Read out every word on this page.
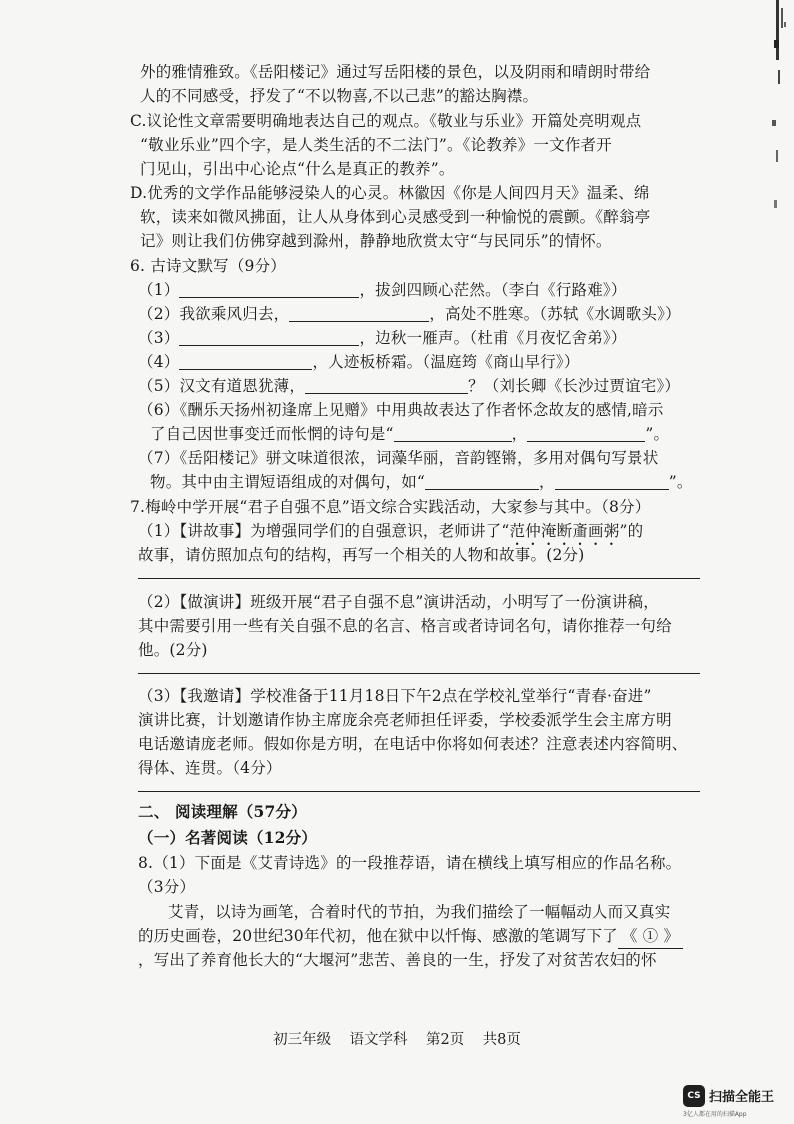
外的雅情雅致。《岳阳楼记》通过写岳阳楼的景色，以及阴雨和晴朗时带给
人的不同感受，抒发了“不以物喜,不以己悲”的豁达胸襟。
C.议论性文章需要明确地表达自己的观点。《敬业与乐业》开篇处亮明观点
“敬业乐业”四个字，是人类生活的不二法门”。《论教养》一文作者开
门见山，引出中心论点“什么是真正的教养”。
D.优秀的文学作品能够浸染人的心灵。林徽因《你是人间四月天》温柔、绵
软，读来如微风拂面，让人从身体到心灵感受到一种愉悦的震颤。《醉翁亭
记》则让我们仿佛穿越到滁州，静静地欣赏太守“与民同乐”的情怀。
6. 古诗文默写（9分）
（1）	，拔剑四顾心茫然。（李白《行路难》）
（2）我欲乘风归去，	，高处不胜寒。（苏轼《水调歌头》）
（3）	，边秋一雁声。（杜甫《月夜忆舍弟》）
（4）	，人迹板桥霜。（温庭筠《商山早行》）
（5）汉文有道恩犹薄，	？（刘长卿《长沙过贾谊宅》）
（6）《酬乐天扬州初逢席上见赠》中用典故表达了作者怀念故友的感情,暗示
了自己因世事变迁而怅惘的诗句是“	，	”。
（7）《岳阳楼记》骈文味道很浓，词藻华丽，音韵铿锵，多用对偶句写景状
物。其中由主谓短语组成的对偶句，如“	，	”。
7.梅岭中学开展“君子自强不息”语文综合实践活动，大家参与其中。（8分）
（1）【讲故事】为增强同学们的自强意识，老师讲了“范仲淹断齑画粥”的
故事，请仿照加点句的结构，再写一个相关的人物和故事。(2分)
（2）【做演讲】班级开展“君子自强不息”演讲活动，小明写了一份演讲稿，
其中需要引用一些有关自强不息的名言、格言或者诗词名句，请你推荐一句给
他。(2分)
（3）【我邀请】学校准备于11月18日下午2点在学校礼堂举行“青春·奋进”
演讲比赛，计划邀请作协主席庞余亮老师担任评委，学校委派学生会主席方明
电话邀请庞老师。假如你是方明，在电话中你将如何表述？注意表述内容简明、
得体、连贯。（4分）
二、 阅读理解（57分）
（一）名著阅读（12分）
8.（1）下面是《艾青诗选》的一段推荐语，请在横线上填写相应的作品名称。
（3分）
艾青，以诗为画笔，合着时代的节拍，为我们描绘了一幅幅动人而又真实
的历史画卷，20世纪30年代初，他在狱中以忏悔、感激的笔调写下了 《 ① 》
，写出了养育他长大的“大堰河”悲苦、善良的一生，抒发了对贫苦农妇的怀
初三年级    语文学科    第2页    共8页
CS 扫描全能王
3亿人都在用的扫描App
